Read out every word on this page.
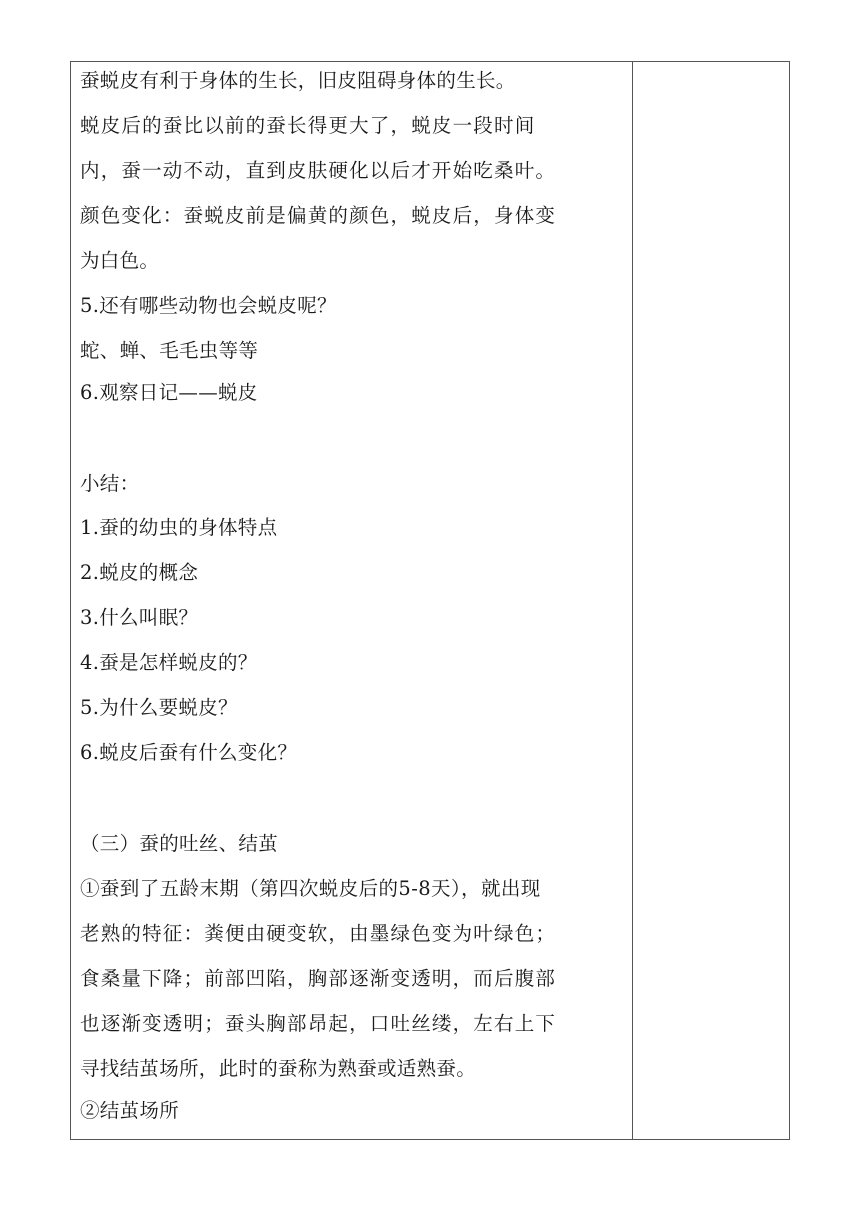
蚕蜕皮有利于身体的生长，旧皮阻碍身体的生长。
蜕皮后的蚕比以前的蚕长得更大了，蜕皮一段时间
内，蚕一动不动，直到皮肤硬化以后才开始吃桑叶。
颜色变化：蚕蜕皮前是偏黄的颜色，蜕皮后，身体变
为白色。
5.还有哪些动物也会蜕皮呢？
蛇、蝉、毛毛虫等等
6.观察日记——蜕皮
小结：
1.蚕的幼虫的身体特点
2.蜕皮的概念
3.什么叫眠？
4.蚕是怎样蜕皮的？
5.为什么要蜕皮？
6.蜕皮后蚕有什么变化？
（三）蚕的吐丝、结茧
①蚕到了五龄末期（第四次蜕皮后的5-8天），就出现
老熟的特征：粪便由硬变软，由墨绿色变为叶绿色；
食桑量下降；前部凹陷，胸部逐渐变透明，而后腹部
也逐渐变透明；蚕头胸部昂起，口吐丝缕，左右上下
寻找结茧场所，此时的蚕称为熟蚕或适熟蚕。
②结茧场所
